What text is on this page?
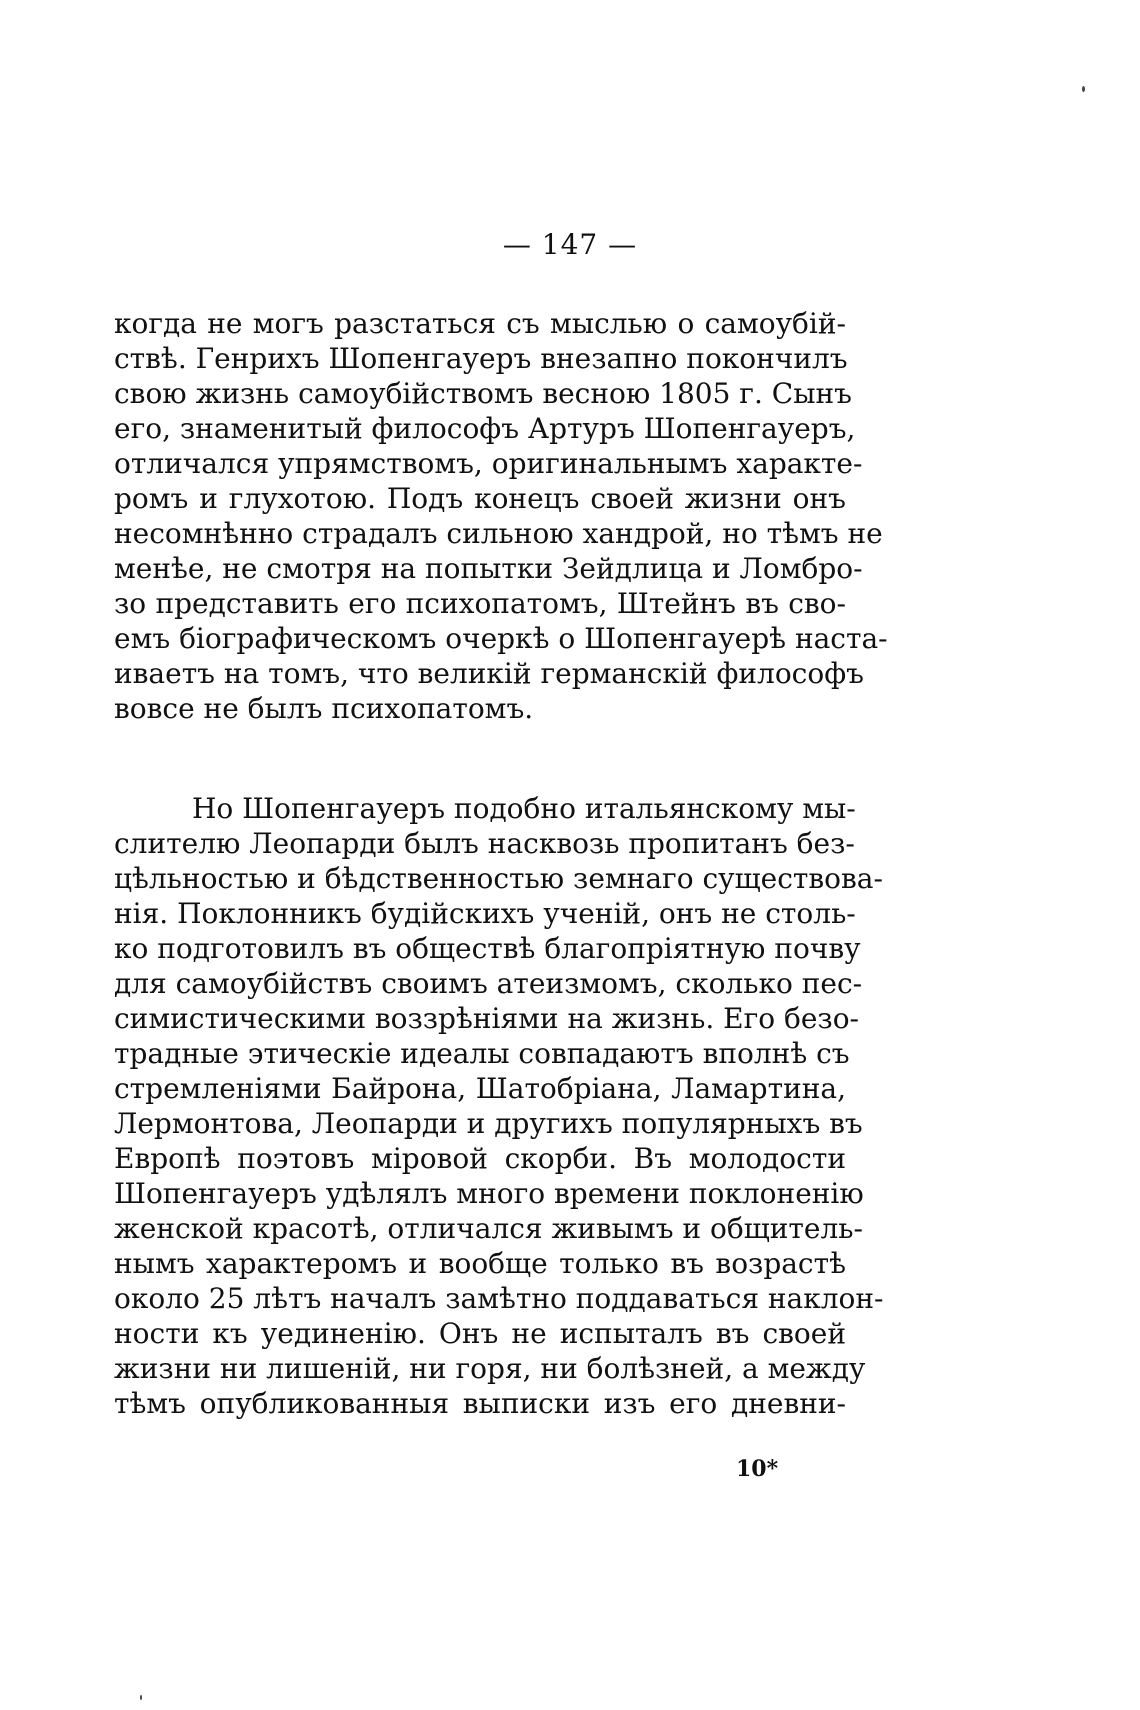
— 147 —
когда не могъ разстаться съ мыслью о самоубій-
ствѣ. Генрихъ Шопенгауеръ внезапно покончилъ
свою жизнь самоубійствомъ весною 1805 г. Сынъ
его, знаменитый философъ Артуръ Шопенгауеръ,
отличался упрямствомъ, оригинальнымъ характе-
ромъ и глухотою. Подъ конецъ своей жизни онъ
несомнѣнно страдалъ сильною хандрой, но тѣмъ не
менѣе, не смотря на попытки Зейдлица и Ломбро-
зо представить его психопатомъ, Штейнъ въ сво-
емъ біографическомъ очеркѣ о Шопенгауерѣ наста-
иваетъ на томъ, что великій германскій философъ
вовсе не былъ психопатомъ.
Но Шопенгауеръ подобно итальянскому мы-
слителю Леопарди былъ насквозь пропитанъ без-
цѣльностью и бѣдственностью земнаго существова-
нія. Поклонникъ будійскихъ ученій, онъ не столь-
ко подготовилъ въ обществѣ благопріятную почву
для самоубійствъ своимъ атеизмомъ, сколько пес-
симистическими воззрѣніями на жизнь. Его безо-
традные этическіе идеалы совпадаютъ вполнѣ съ
стремленіями Байрона, Шатобріана, Ламартина,
Лермонтова, Леопарди и другихъ популярныхъ въ
Европѣ поэтовъ міровой скорби. Въ молодости
Шопенгауеръ удѣлялъ много времени поклоненію
женской красотѣ, отличался живымъ и общитель-
нымъ характеромъ и вообще только въ возрастѣ
около 25 лѣтъ началъ замѣтно поддаваться наклон-
ности къ уединенію. Онъ не испыталъ въ своей
жизни ни лишеній, ни горя, ни болѣзней, а между
тѣмъ опубликованныя выписки изъ его дневни-
10*
